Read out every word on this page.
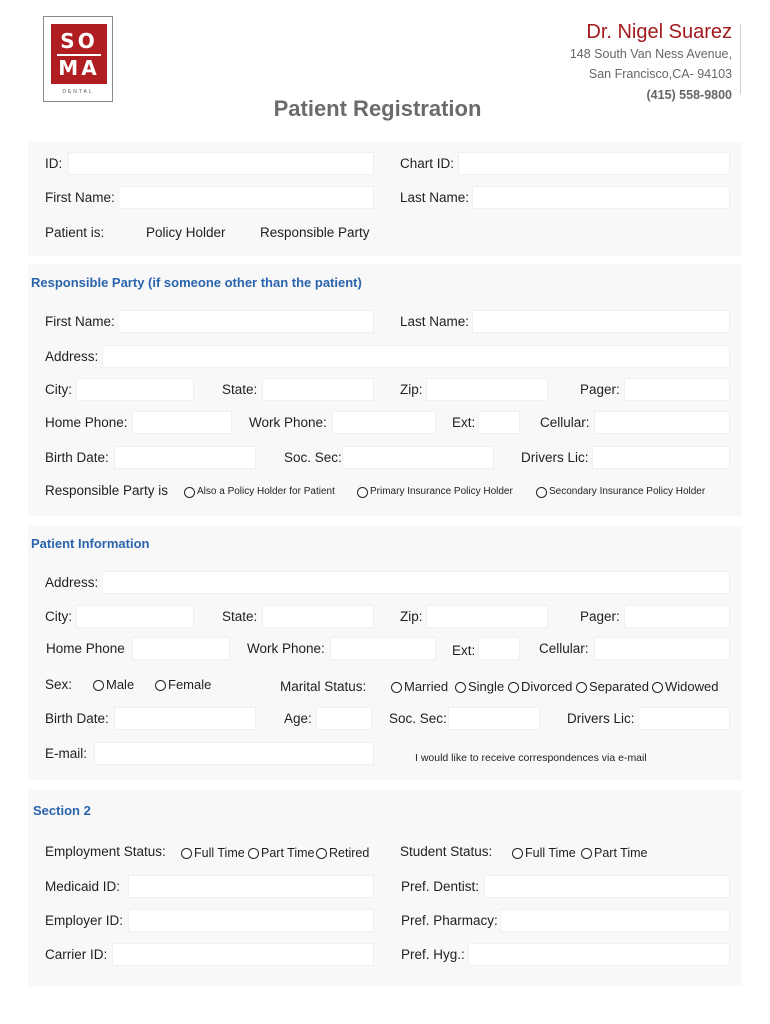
SO
MA
DENTAL
Dr. Nigel Suarez
148 South Van Ness Avenue,
San Francisco,CA- 94103
(415) 558-9800
Patient Registration
ID:	Chart ID:
First Name:	Last Name:
Patient is:	Policy Holder	Responsible Party
Responsible Party (if someone other than the patient)
First Name:	Last Name:
Address:
City:	State:	Zip:	Pager:
Home Phone:	Work Phone:	Ext:	Cellular:
Birth Date:	Soc. Sec:	Drivers Lic:
Responsible Party is	Also a Policy Holder for Patient	Primary Insurance Policy Holder	Secondary Insurance Policy Holder
Patient Information
Address:
City:	State:	Zip:	Pager:
Home Phone	Work Phone:	Ext:	Cellular:
Sex:	Male	Female	Marital Status:	Married Single Divorced Separated Widowed
Birth Date:	Age:	Soc. Sec:	Drivers Lic:
E-mail:	I would like to receive correspondences via e-mail
Section 2
Employment Status: Full Time Part Time Retired Student Status:	Full Time Part Time
Medicaid ID:	Pref. Dentist:
Employer ID:	Pref. Pharmacy:
Carrier ID:	Pref. Hyg.:
